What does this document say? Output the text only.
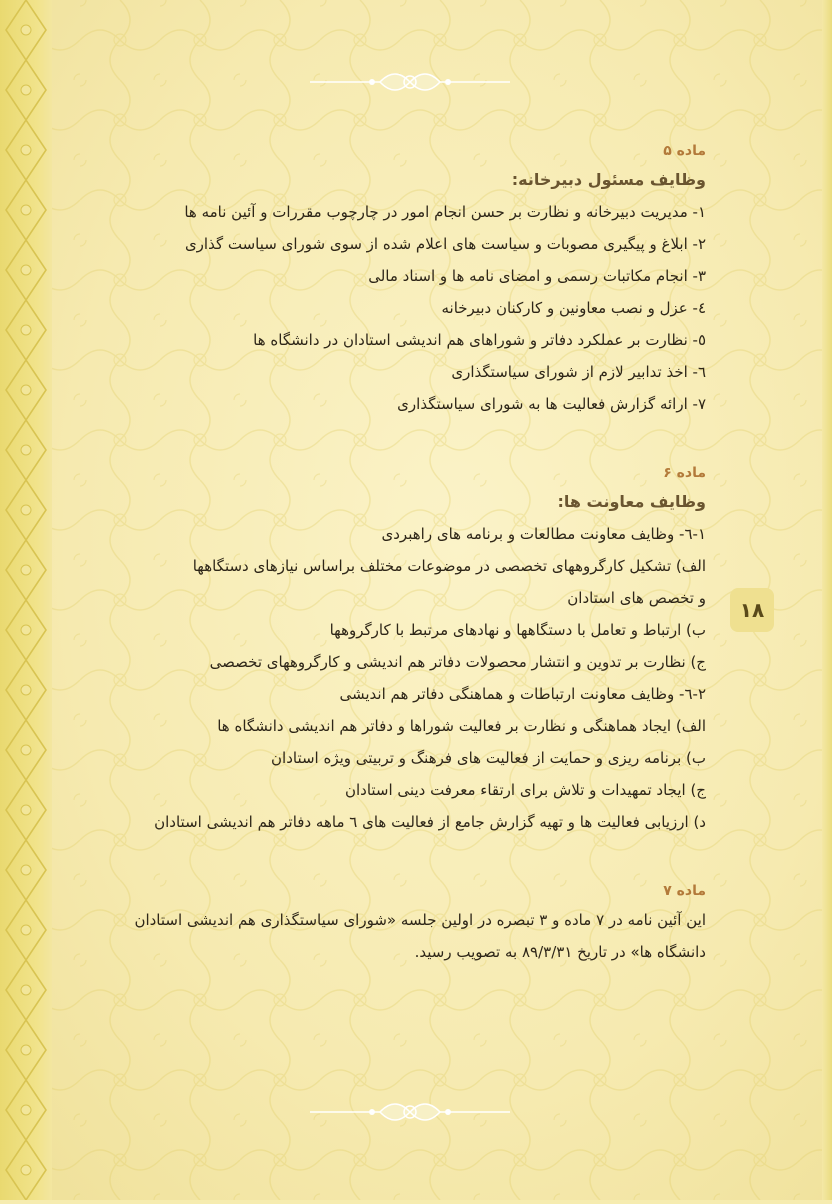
۱۸

ماده ۵

وظایف مسئول دبیرخانه:

۱- مدیریت دبیرخانه و نظارت بر حسن انجام امور در چارچوب مقررات و آئین نامه ها

۲- ابلاغ و پیگیری مصوبات و سیاست های اعلام شده از سوی شورای سیاست گذاری

۳- انجام مکاتبات رسمی و امضای نامه ها و اسناد مالی

٤- عزل و نصب معاونین و کارکنان دبیرخانه

٥- نظارت بر عملکرد دفاتر و شوراهای هم اندیشی استادان در دانشگاه ها

٦- اخذ تدابیر لازم از شورای سیاستگذاری

۷- ارائه گزارش فعالیت ها به شورای سیاستگذاری

ماده ۶

وظایف معاونت ها:

۱-٦- وظایف معاونت مطالعات و برنامه های راهبردی

الف) تشکیل کارگروههای تخصصی در موضوعات مختلف براساس نیازهای دستگاهها

و تخصص های استادان

ب) ارتباط و تعامل با دستگاهها و نهادهای مرتبط با کارگروهها

ج) نظارت بر تدوین و انتشار محصولات دفاتر هم اندیشی و کارگروههای تخصصی

۲-٦- وظایف معاونت ارتباطات و هماهنگی دفاتر هم اندیشی

الف) ایجاد هماهنگی و نظارت بر فعالیت شوراها و دفاتر هم اندیشی دانشگاه ها

ب) برنامه ریزی و حمایت از فعالیت های فرهنگ و تربیتی ویژه استادان

ج) ایجاد تمهیدات و تلاش برای ارتقاء معرفت دینی استادان

د) ارزیابی فعالیت ها و تهیه گزارش جامع از فعالیت های ٦ ماهه دفاتر هم اندیشی استادان

ماده ۷

این آئین نامه در ۷ ماده و ۳ تبصره در اولین جلسه «شورای سیاستگذاری هم اندیشی استادان دانشگاه ها» در تاریخ ۸۹/۳/۳۱ به تصویب رسید.
